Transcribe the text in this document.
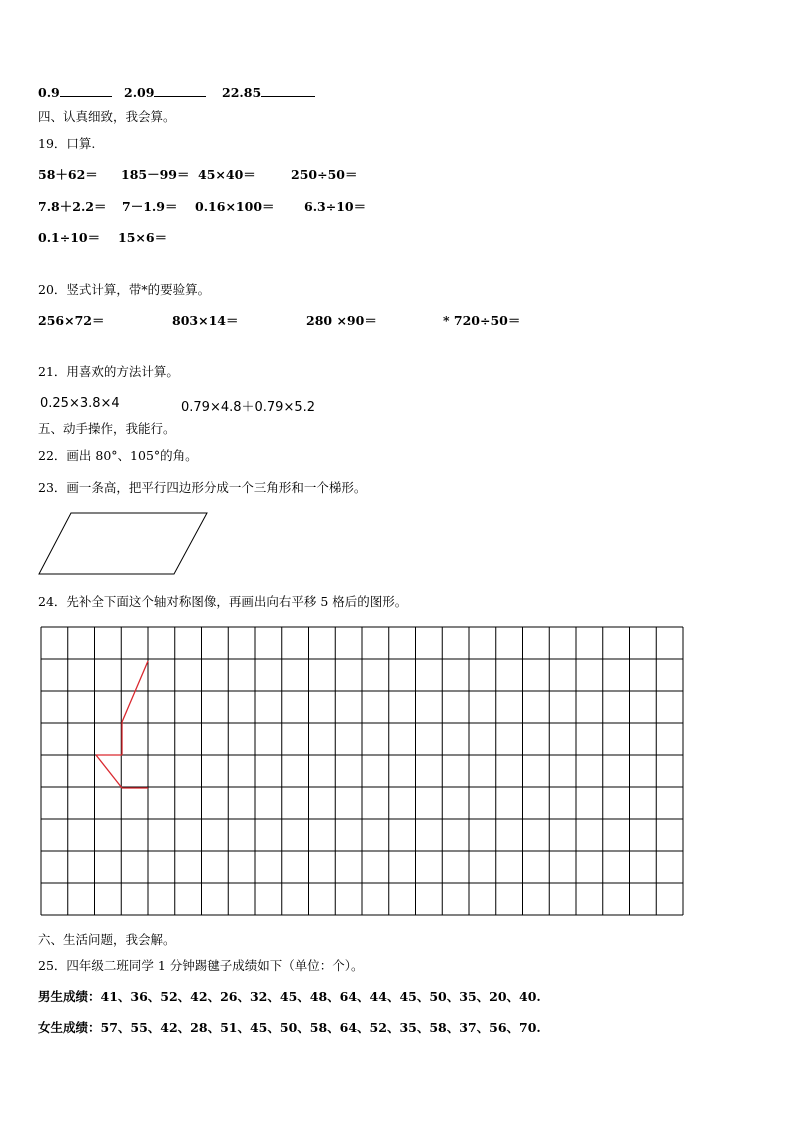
0.9	2.09	22.85
四、认真细致，我会算。
19．口算.
58＋62＝ 185－99＝ 45×40＝	250÷50＝
7.8＋2.2＝ 7－1.9＝ 0.16×100＝ 6.3÷10＝
0.1÷10＝ 15×6＝
20．竖式计算，带*的要验算。
256×72＝	803×14＝	280 ×90＝	* 720÷50＝
21．用喜欢的方法计算。
0.25×3.8×4	0.79×4.8＋0.79×5.2
五、动手操作，我能行。
22．画出 80°、105°的角。
23．画一条高，把平行四边形分成一个三角形和一个梯形。
24．先补全下面这个轴对称图像，再画出向右平移 5 格后的图形。
六、生活问题，我会解。
25．四年级二班同学 1 分钟踢毽子成绩如下（单位：个）。
男生成绩：41、36、52、42、26、32、45、48、64、44、45、50、35、20、40.
女生成绩：57、55、42、28、51、45、50、58、64、52、35、58、37、56、70.
